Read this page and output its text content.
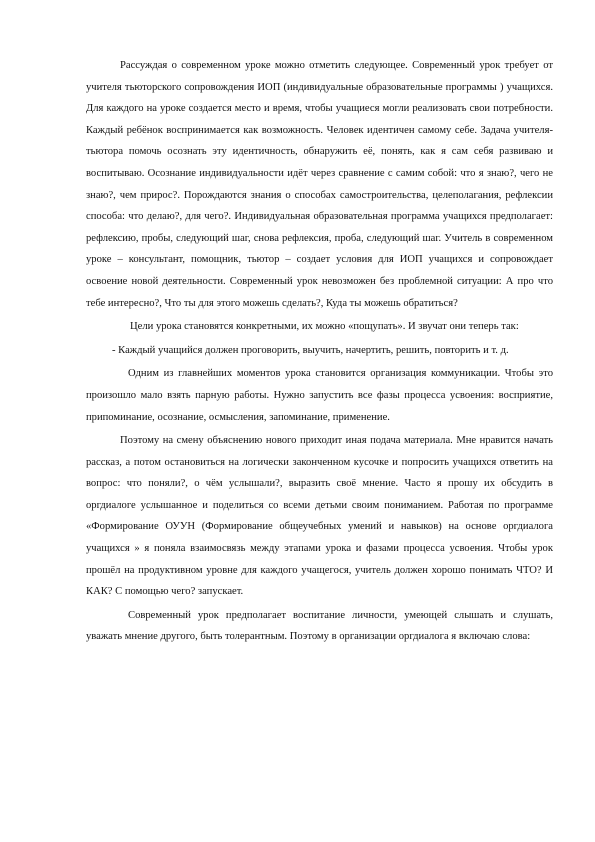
Рассуждая о современном уроке можно отметить следующее. Современный урок требует от учителя тьюторского сопровождения ИОП (индивидуальные образовательные программы ) учащихся. Для каждого на уроке создается место и время, чтобы учащиеся могли реализовать свои потребности. Каждый ребёнок воспринимается как возможность. Человек идентичен самому себе. Задача учителя-тьютора помочь осознать эту идентичность, обнаружить её, понять, как я сам себя развиваю и воспитываю. Осознание индивидуальности идёт через сравнение с самим собой: что я знаю?, чего не знаю?, чем прирос?. Порождаются знания о способах самостроительства, целеполагания, рефлексии способа: что делаю?, для чего?. Индивидуальная образовательная программа учащихся предполагает: рефлексию, пробы, следующий шаг, снова рефлексия, проба, следующий шаг. Учитель в современном уроке – консультант, помощник, тьютор – создает условия для ИОП учащихся и сопровождает освоение новой деятельности. Современный урок невозможен без проблемной ситуации: А про что тебе интересно?, Что ты для этого можешь сделать?, Куда ты можешь обратиться?

Цели урока становятся конкретными, их можно «пощупать». И звучат они теперь так:

- Каждый учащийся должен проговорить, выучить, начертить, решить, повторить и т. д.

Одним из главнейших моментов урока становится организация коммуникации. Чтобы это произошло мало взять парную работы. Нужно запустить все фазы процесса усвоения: восприятие, припоминание, осознание, осмысления, запоминание, применение.

Поэтому на смену объяснению нового приходит иная подача материала. Мне нравится начать рассказ, а потом остановиться на логически законченном кусочке и попросить учащихся ответить на вопрос: что поняли?, о чём услышали?, выразить своё мнение. Часто я прошу их обсудить в оргдиалоге услышанное и поделиться со всеми детьми своим пониманием. Работая по программе «Формирование ОУУН (Формирование общеучебных умений и навыков) на основе оргдиалога учащихся » я поняла взаимосвязь между этапами урока и фазами процесса усвоения. Чтобы урок прошёл на продуктивном уровне для каждого учащегося, учитель должен хорошо понимать ЧТО? И КАК? С помощью чего? запускает.

Современный урок предполагает воспитание личности, умеющей слышать и слушать, уважать мнение другого, быть толерантным. Поэтому в организации оргдиалога я включаю слова:
